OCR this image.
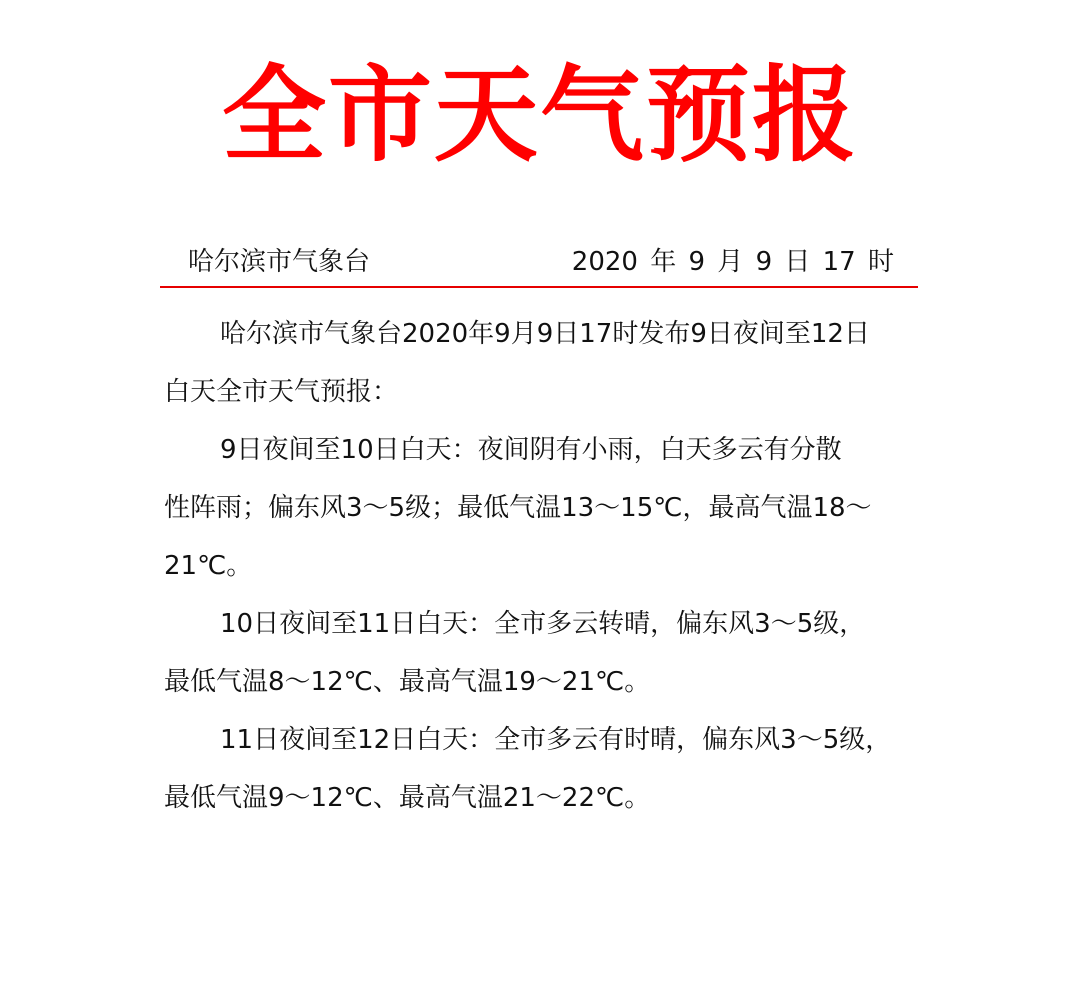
全市天气预报
哈尔滨市气象台	2020 年 9 月 9 日 17 时
哈尔滨市气象台2020年9月9日17时发布9日夜间至12日
白天全市天气预报：
9日夜间至10日白天：夜间阴有小雨，白天多云有分散
性阵雨；偏东风3～5级；最低气温13～15℃，最高气温18～
21℃。
10日夜间至11日白天：全市多云转晴，偏东风3～5级，
最低气温8～12℃、最高气温19～21℃。
11日夜间至12日白天：全市多云有时晴，偏东风3～5级，
最低气温9～12℃、最高气温21～22℃。
